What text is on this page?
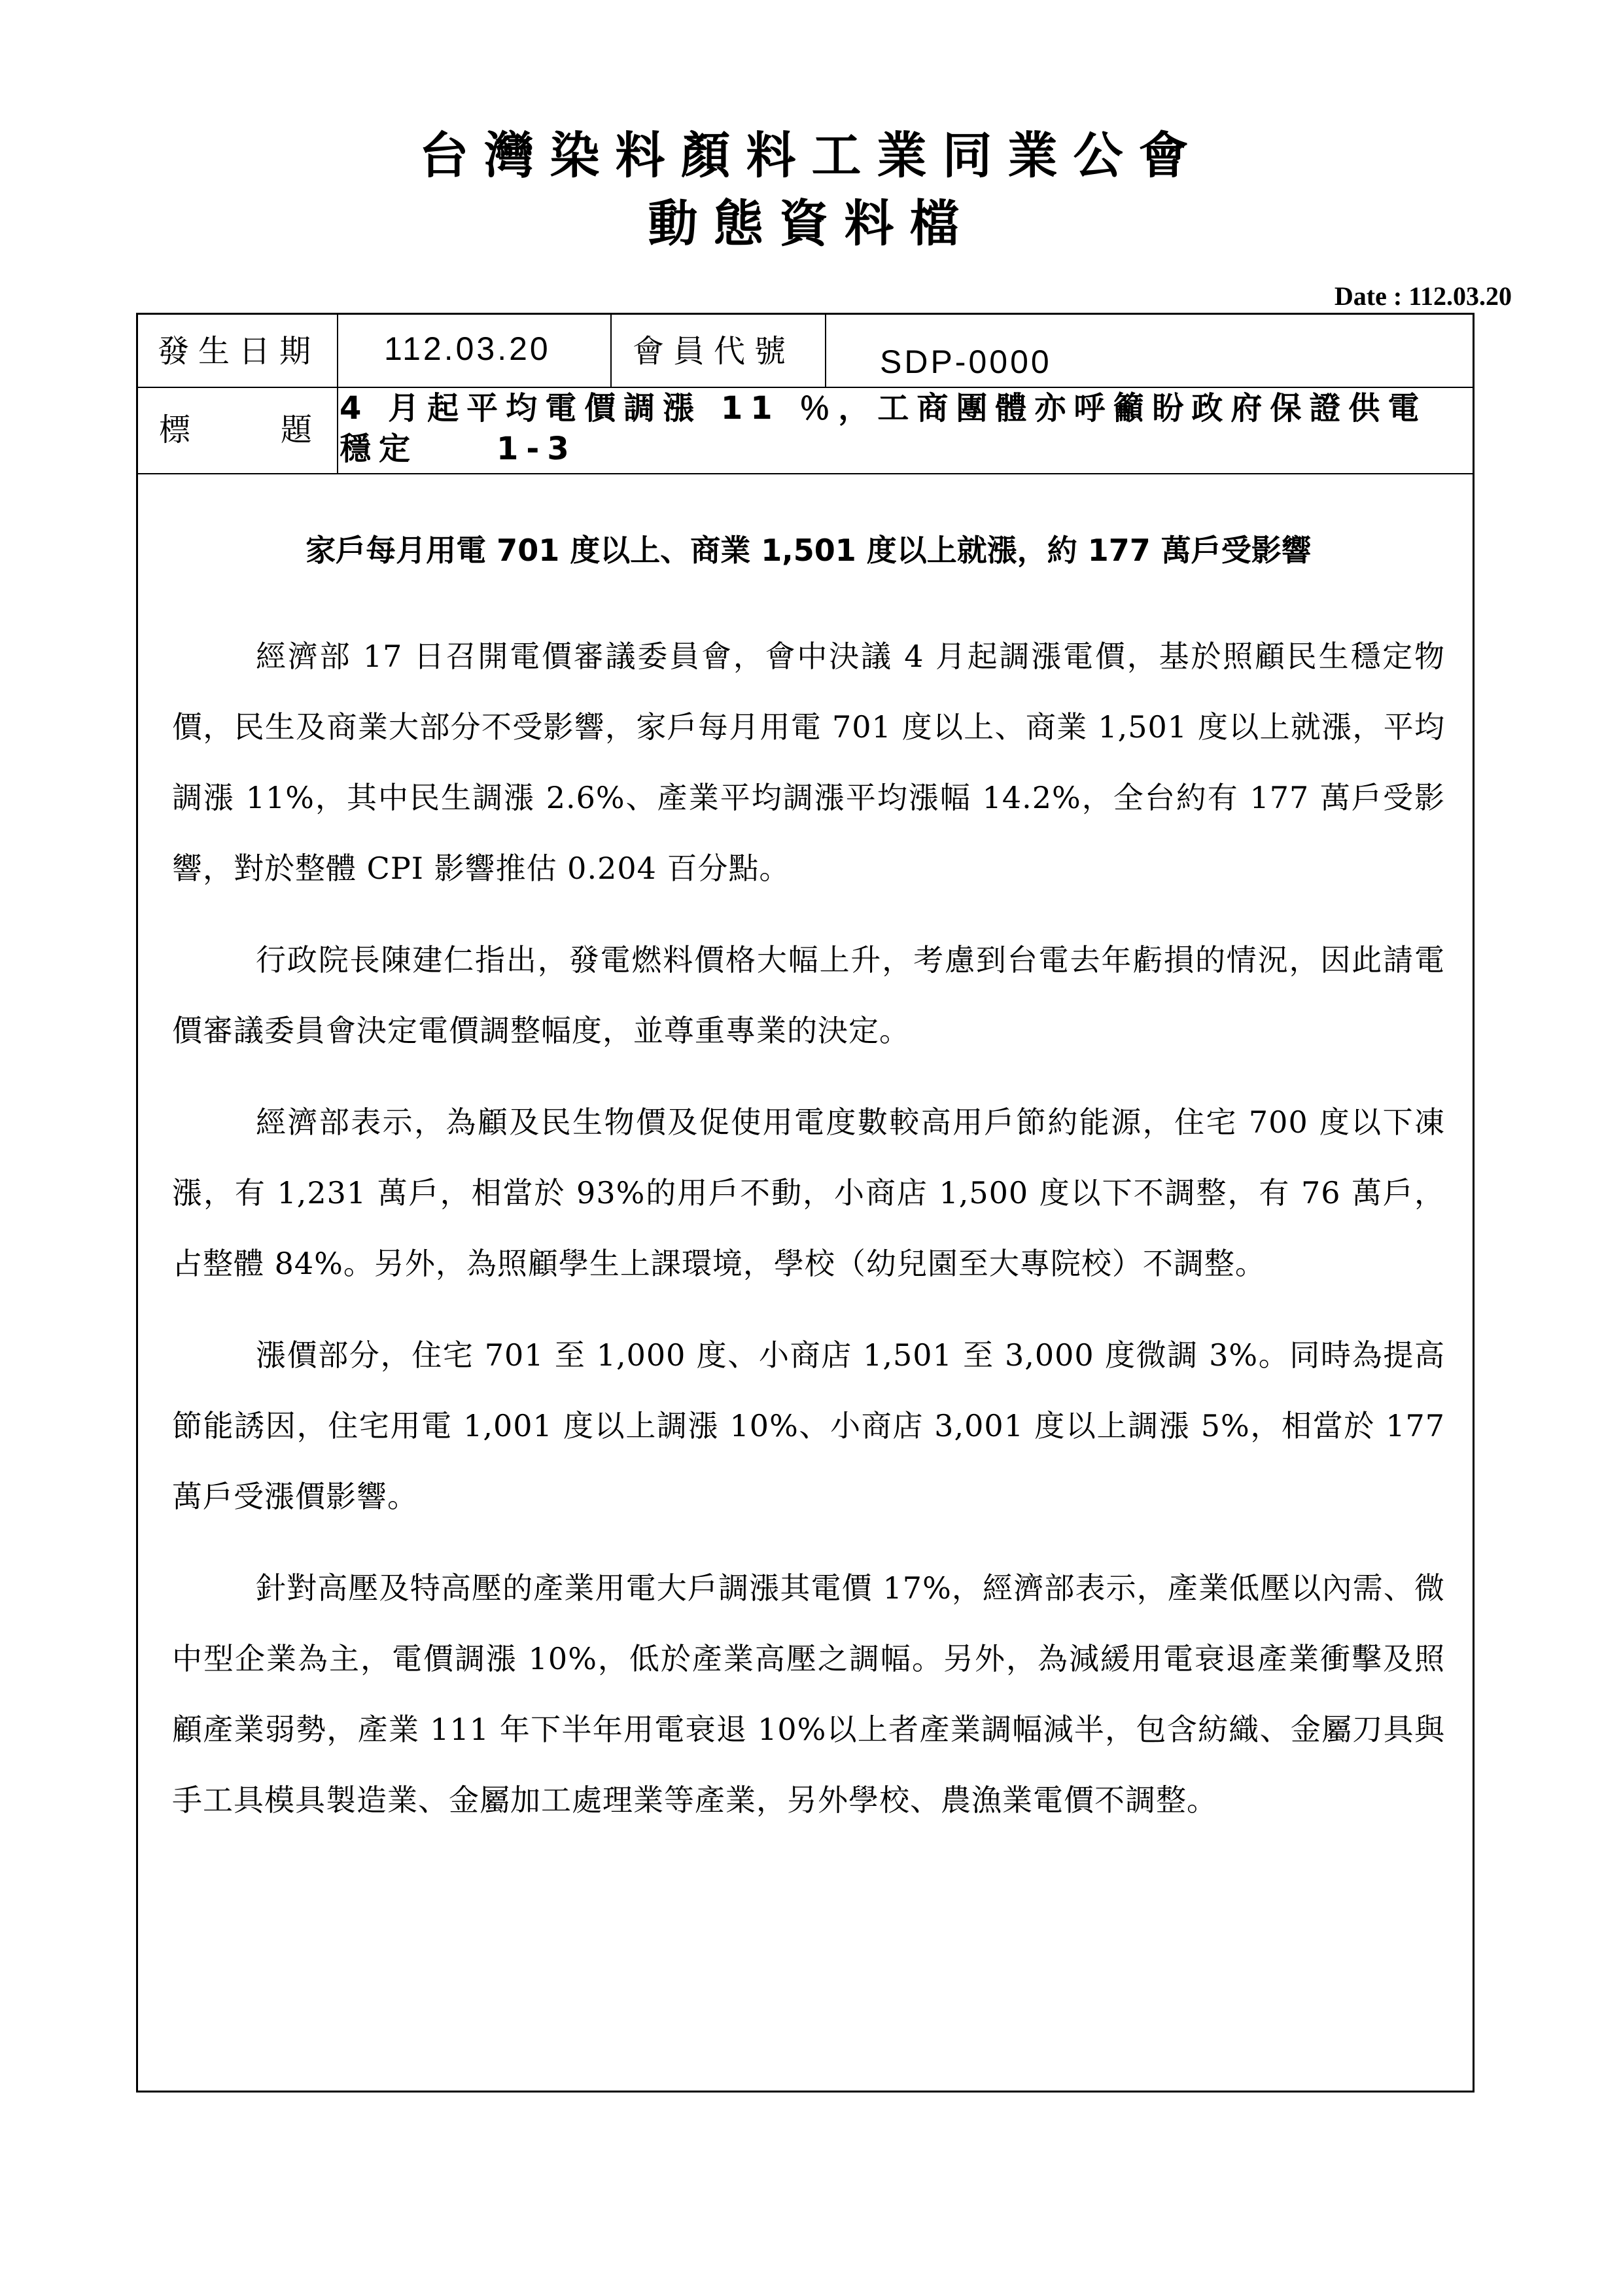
台灣染料顏料工業同業公會
動態資料檔
Date : 112.03.20
發生日期 112.03.20	會員代號	SDP-0000
標　　題
4 月起平均電價調漲 11 ％，工商團體亦呼籲盼政府保證供電穩定　　1-3
家戶每月用電 701 度以上、商業 1,501 度以上就漲，約 177 萬戶受影響

經濟部 17 日召開電價審議委員會，會中決議 4 月起調漲電價，基於照顧民生穩定物價，民生及商業大部分不受影響，家戶每月用電 701 度以上、商業 1,501 度以上就漲，平均調漲 11%，其中民生調漲 2.6%、產業平均調漲平均漲幅 14.2%，全台約有 177 萬戶受影響，對於整體 CPI 影響推估 0.204 百分點。

行政院長陳建仁指出，發電燃料價格大幅上升，考慮到台電去年虧損的情況，因此請電價審議委員會決定電價調整幅度，並尊重專業的決定。

經濟部表示，為顧及民生物價及促使用電度數較高用戶節約能源，住宅 700 度以下凍漲，有 1,231 萬戶，相當於 93%的用戶不動，小商店 1,500 度以下不調整，有 76 萬戶，占整體 84%。另外，為照顧學生上課環境，學校（幼兒園至大專院校）不調整。

漲價部分，住宅 701 至 1,000 度、小商店 1,501 至 3,000 度微調 3%。同時為提高節能誘因，住宅用電 1,001 度以上調漲 10%、小商店 3,001 度以上調漲 5%，相當於 177 萬戶受漲價影響。

針對高壓及特高壓的產業用電大戶調漲其電價 17%，經濟部表示，產業低壓以內需、微中型企業為主，電價調漲 10%，低於產業高壓之調幅。另外，為減緩用電衰退產業衝擊及照顧產業弱勢，產業 111 年下半年用電衰退 10%以上者產業調幅減半，包含紡織、金屬刀具與手工具模具製造業、金屬加工處理業等產業，另外學校、農漁業電價不調整。
